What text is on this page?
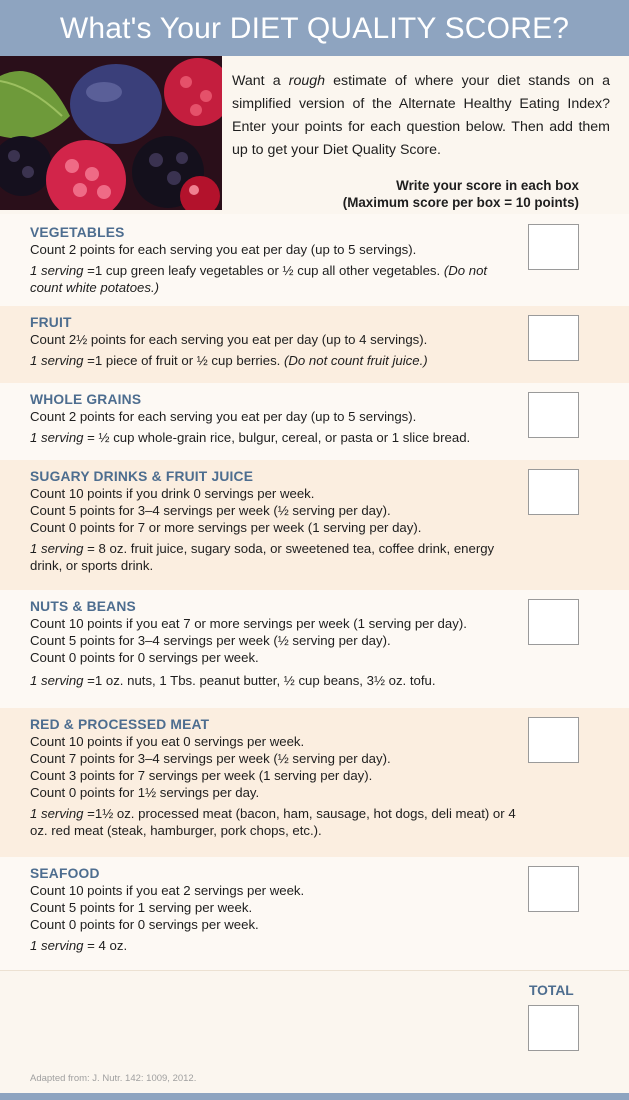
What's Your DIET QUALITY SCORE?
Want a rough estimate of where your diet stands on a simplified version of the Alternate Healthy Eating Index? Enter your points for each question below. Then add them up to get your Diet Quality Score.
Write your score in each box
(Maximum score per box = 10 points)
VEGETABLES
Count 2 points for each serving you eat per day (up to 5 servings).
1 serving =1 cup green leafy vegetables or ½ cup all other vegetables. (Do not count white potatoes.)
FRUIT
Count 2½ points for each serving you eat per day (up to 4 servings).
1 serving =1 piece of fruit or ½ cup berries. (Do not count fruit juice.)
WHOLE GRAINS
Count 2 points for each serving you eat per day (up to 5 servings).
1 serving = ½ cup whole-grain rice, bulgur, cereal, or pasta or 1 slice bread.
SUGARY DRINKS & FRUIT JUICE
Count 10 points if you drink 0 servings per week.
Count 5 points for 3–4 servings per week (½ serving per day).
Count 0 points for 7 or more servings per week (1 serving per day).
1 serving = 8 oz. fruit juice, sugary soda, or sweetened tea, coffee drink, energy drink, or sports drink.
NUTS & BEANS
Count 10 points if you eat 7 or more servings per week (1 serving per day).
Count 5 points for 3–4 servings per week (½ serving per day).
Count 0 points for 0 servings per week.
1 serving =1 oz. nuts, 1 Tbs. peanut butter, ½ cup beans, 3½ oz. tofu.
RED & PROCESSED MEAT
Count 10 points if you eat 0 servings per week.
Count 7 points for 3–4 servings per week (½ serving per day).
Count 3 points for 7 servings per week (1 serving per day).
Count 0 points for 1½ servings per day.
1 serving =1½ oz. processed meat (bacon, ham, sausage, hot dogs, deli meat) or 4 oz. red meat (steak, hamburger, pork chops, etc.).
SEAFOOD
Count 10 points if you eat 2 servings per week.
Count 5 points for 1 serving per week.
Count 0 points for 0 servings per week.
1 serving = 4 oz.
TOTAL
Adapted from: J. Nutr. 142: 1009, 2012.
